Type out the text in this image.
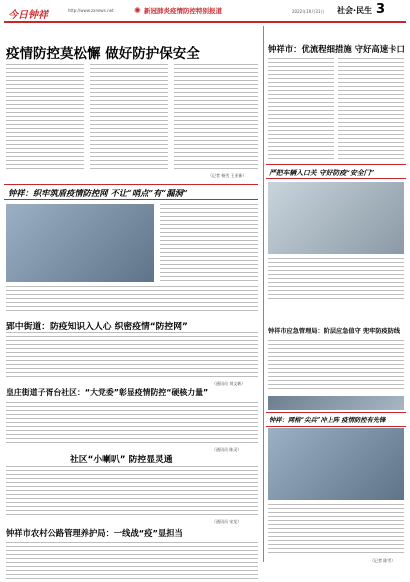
今日钟祥	http://www.zxnews.net	✺ 新冠肺炎疫情防控特别报道	2022年10月31日 社会·民生 3
疫情防控莫松懈 做好防护保安全
（记者 杨雪 王亚新）
钟祥：织牢筑盾疫情防控网 不让“哨点”有“漏洞”
郢中街道：防疫知识入人心 织密疫情“防控网”
（通讯员 刘文新）
皇庄街道子胥台社区：“大党委”彰显疫情防控“硬核力量”
（通讯员 陈灵）
社区“小喇叭” 防控显灵通
（通讯员 宋龙）
钟祥市农村公路管理养护局：一线战“疫”显担当
钟祥市：优流程细措施 守好高速卡口
严把车辆入口关 守好防疫“安全门”
钟祥市应急管理局：阶层应急值守 兜牢防疫防线
钟祥：网格“尖兵”冲上阵 疫情防控有先锋
（记者 陈雪）
